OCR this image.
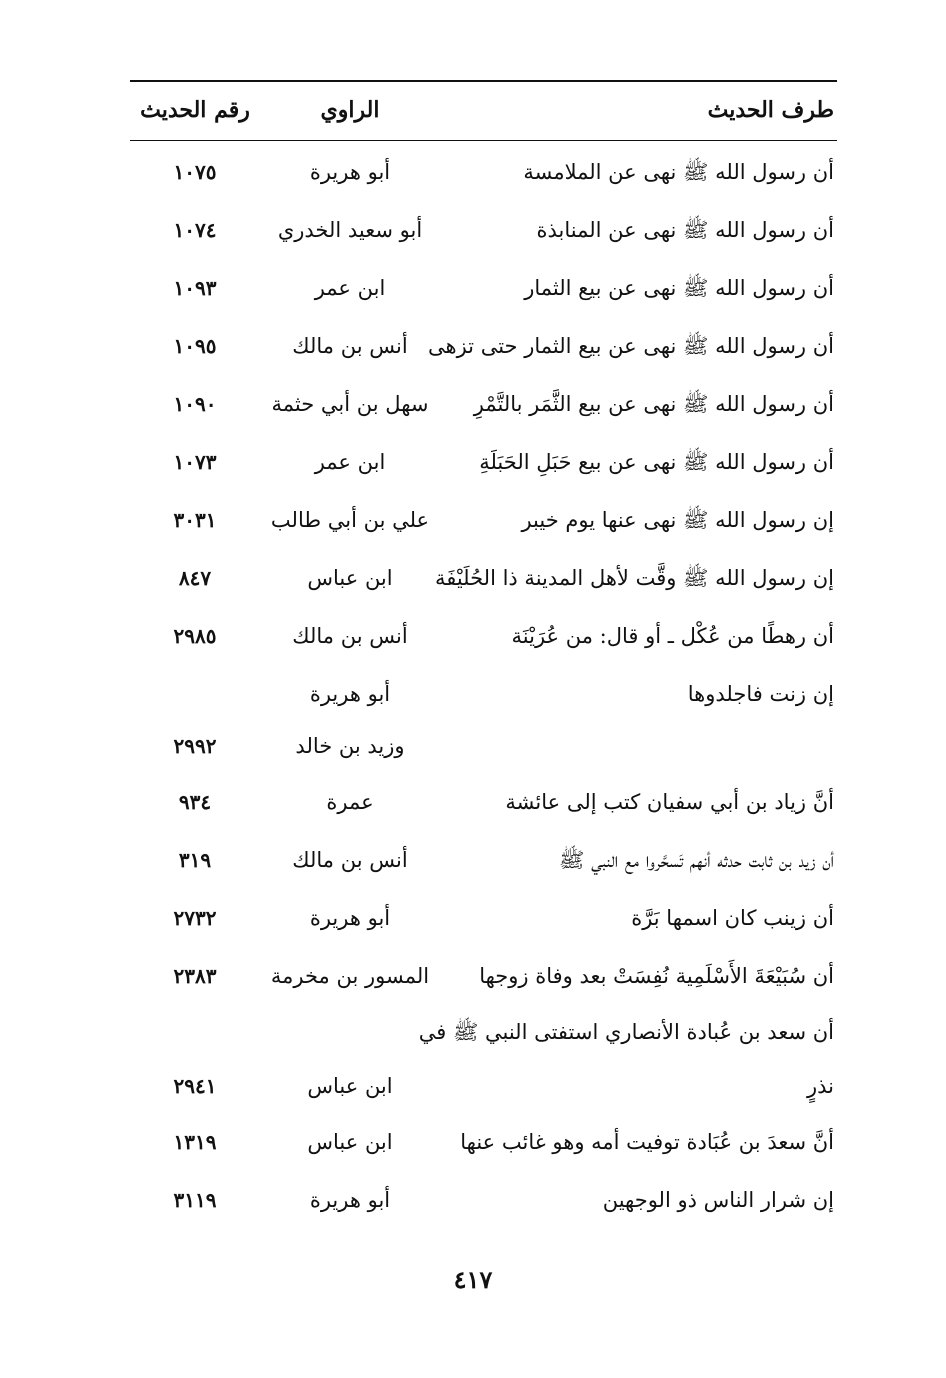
طرف الحديث
الراوي
رقم الحديث
أن رسول الله ﷺ نهى عن الملامسة
أبو هريرة
١٠٧٥
أن رسول الله ﷺ نهى عن المنابذة
أبو سعيد الخدري
١٠٧٤
أن رسول الله ﷺ نهى عن بيع الثمار
ابن عمر
١٠٩٣
أن رسول الله ﷺ نهى عن بيع الثمار حتى تزهى
أنس بن مالك
١٠٩٥
أن رسول الله ﷺ نهى عن بيع الثَّمَر بالتَّمْرِ
سهل بن أبي حثمة
١٠٩٠
أن رسول الله ﷺ نهى عن بيع حَبَلِ الحَبَلَةِ
ابن عمر
١٠٧٣
إن رسول الله ﷺ نهى عنها يوم خيبر
علي بن أبي طالب
٣٠٣١
إن رسول الله ﷺ وقَّت لأهل المدينة ذا الحُلَيْفَة
ابن عباس
٨٤٧
أن رهطًا من عُكْل ـ أو قال: من عُرَيْنَة
أنس بن مالك
٢٩٨٥
إن زنت فاجلدوها
أبو هريرة
وزيد بن خالد
٢٩٩٢
أنَّ زياد بن أبي سفيان كتب إلى عائشة
عمرة
٩٣٤
أن زيد بن ثابت حدثه أنهم تَسحَّروا مع النبي ﷺ
أنس بن مالك
٣١٩
أن زينب كان اسمها بَرَّة
أبو هريرة
٢٧٣٢
أن سُبَيْعَةَ الأَسْلَمِية نُفِسَتْ بعد وفاة زوجها
المسور بن مخرمة
٢٣٨٣
أن سعد بن عُبادة الأنصاري استفتى النبي ﷺ في
نذرٍ
ابن عباس
٢٩٤١
أنَّ سعدَ بن عُبَادة توفيت أمه وهو غائب عنها
ابن عباس
١٣١٩
إن شرار الناس ذو الوجهين
أبو هريرة
٣١١٩
٤١٧
